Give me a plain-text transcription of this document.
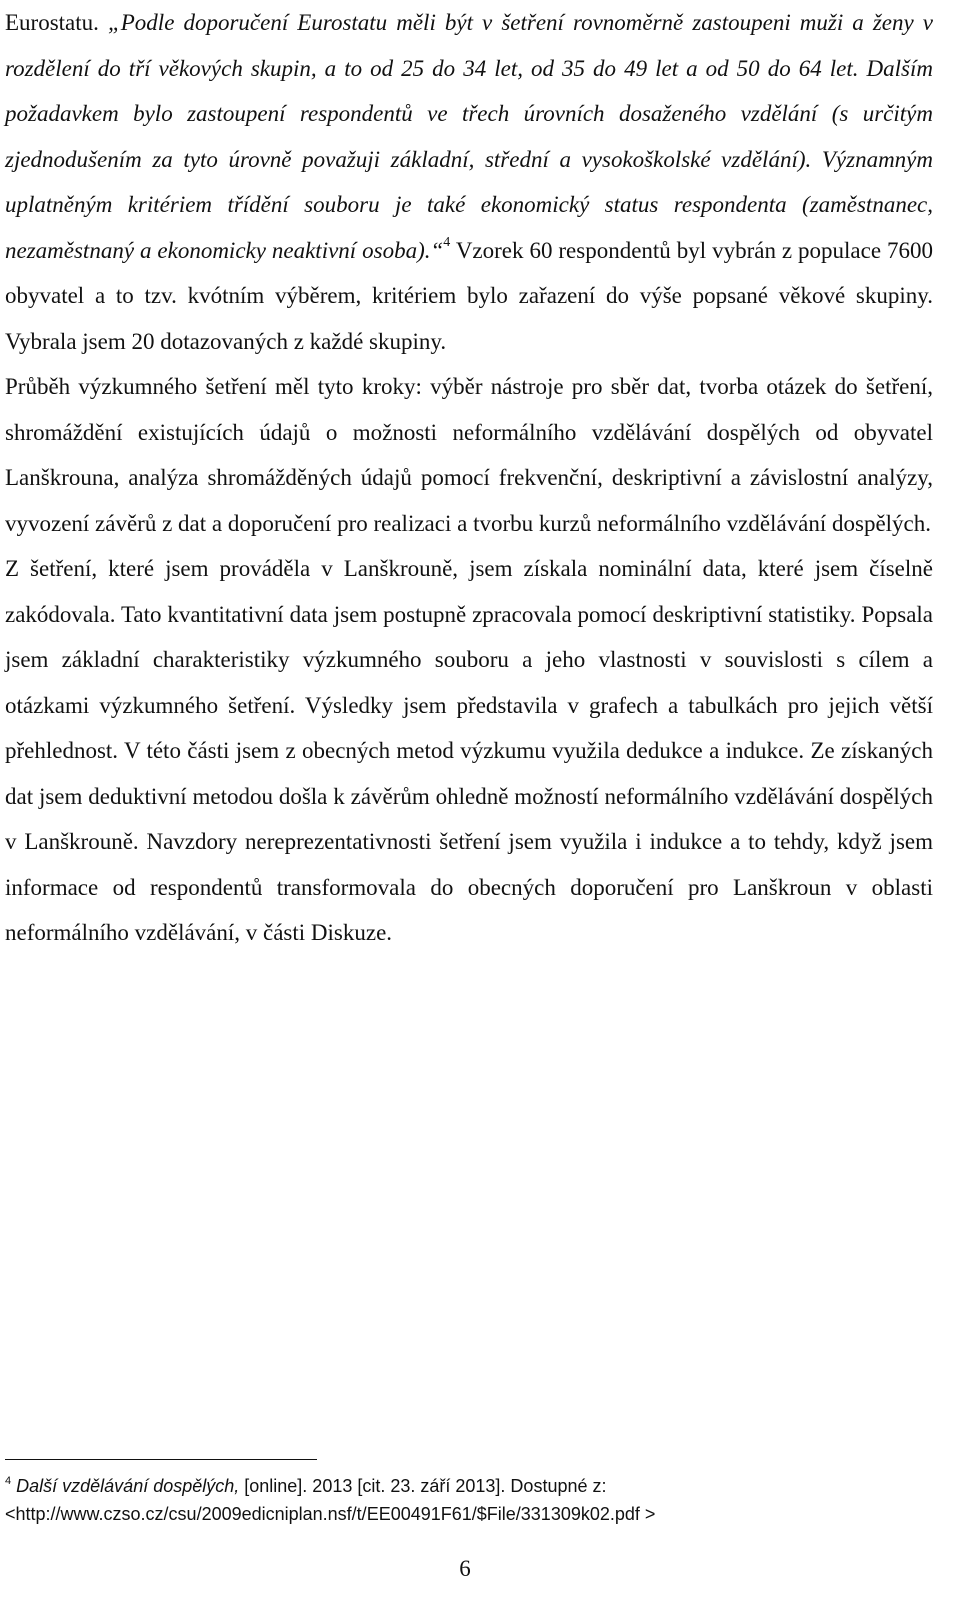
Eurostatu. „Podle doporučení Eurostatu měli být v šetření rovnoměrně zastoupeni muži a ženy v rozdělení do tří věkových skupin, a to od 25 do 34 let, od 35 do 49 let a od 50 do 64 let. Dalším požadavkem bylo zastoupení respondentů ve třech úrovních dosaženého vzdělání (s určitým zjednodušením za tyto úrovně považuji základní, střední a vysokoškolské vzdělání). Významným uplatněným kritériem třídění souboru je také ekonomický status respondenta (zaměstnanec, nezaměstnaný a ekonomicky neaktivní osoba).“$^4$ Vzorek 60 respondentů byl vybrán z populace 7600 obyvatel a to tzv. kvótním výběrem, kritériem bylo zařazení do výše popsané věkové skupiny. Vybrala jsem 20 dotazovaných z každé skupiny.

Průběh výzkumného šetření měl tyto kroky: výběr nástroje pro sběr dat, tvorba otázek do šetření, shromáždění existujících údajů o možnosti neformálního vzdělávání dospělých od obyvatel Lanškrouna, analýza shromážděných údajů pomocí frekvenční, deskriptivní a závislostní analýzy, vyvození závěrů z dat a doporučení pro realizaci a tvorbu kurzů neformálního vzdělávání dospělých.

Z šetření, které jsem prováděla v Lanškrouně, jsem získala nominální data, které jsem číselně zakódovala. Tato kvantitativní data jsem postupně zpracovala pomocí deskriptivní statistiky. Popsala jsem základní charakteristiky výzkumného souboru a jeho vlastnosti v souvislosti s cílem a otázkami výzkumného šetření. Výsledky jsem představila v grafech a tabulkách pro jejich větší přehlednost. V této části jsem z obecných metod výzkumu využila dedukce a indukce. Ze získaných dat jsem deduktivní metodou došla k závěrům ohledně možností neformálního vzdělávání dospělých v Lanškrouně. Navzdory nereprezentativnosti šetření jsem využila i indukce a to tehdy, když jsem informace od respondentů transformovala do obecných doporučení pro Lanškroun v oblasti neformálního vzdělávání, v části Diskuze.

$^4$ Další vzdělávání dospělých, [online]. 2013 [cit. 23. září 2013]. Dostupné z:
<http://www.czso.cz/csu/2009edicniplan.nsf/t/EE00491F61/$File/331309k02.pdf >
6
